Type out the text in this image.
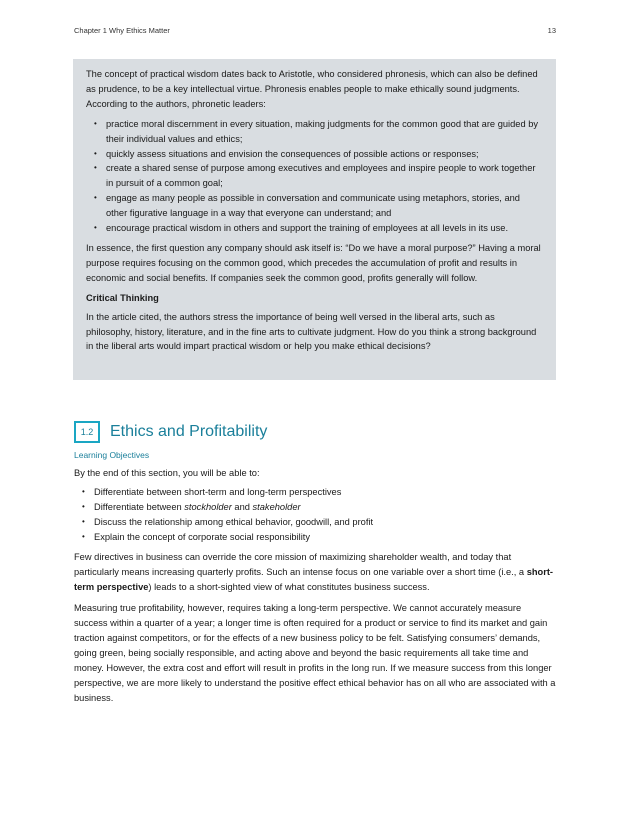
Chapter 1 Why Ethics Matter	13

The concept of practical wisdom dates back to Aristotle, who considered phronesis, which can also be defined as prudence, to be a key intellectual virtue. Phronesis enables people to make ethically sound judgments. According to the authors, phronetic leaders:

• practice moral discernment in every situation, making judgments for the common good that are guided by their individual values and ethics;
• quickly assess situations and envision the consequences of possible actions or responses;
• create a shared sense of purpose among executives and employees and inspire people to work together in pursuit of a common goal;
• engage as many people as possible in conversation and communicate using metaphors, stories, and other figurative language in a way that everyone can understand; and
• encourage practical wisdom in others and support the training of employees at all levels in its use.

In essence, the first question any company should ask itself is: “Do we have a moral purpose?” Having a moral purpose requires focusing on the common good, which precedes the accumulation of profit and results in economic and social benefits. If companies seek the common good, profits generally will follow.

Critical Thinking

In the article cited, the authors stress the importance of being well versed in the liberal arts, such as philosophy, history, literature, and in the fine arts to cultivate judgment. How do you think a strong background in the liberal arts would impart practical wisdom or help you make ethical decisions?

1.2	Ethics and Profitability
Learning Objectives

By the end of this section, you will be able to:

• Differentiate between short-term and long-term perspectives
• Differentiate between stockholder and stakeholder
• Discuss the relationship among ethical behavior, goodwill, and profit
• Explain the concept of corporate social responsibility

Few directives in business can override the core mission of maximizing shareholder wealth, and today that particularly means increasing quarterly profits. Such an intense focus on one variable over a short time (i.e., a short-term perspective) leads to a short-sighted view of what constitutes business success.

Measuring true profitability, however, requires taking a long-term perspective. We cannot accurately measure success within a quarter of a year; a longer time is often required for a product or service to find its market and gain traction against competitors, or for the effects of a new business policy to be felt. Satisfying consumers’ demands, going green, being socially responsible, and acting above and beyond the basic requirements all take time and money. However, the extra cost and effort will result in profits in the long run. If we measure success from this longer perspective, we are more likely to understand the positive effect ethical behavior has on all who are associated with a business.
